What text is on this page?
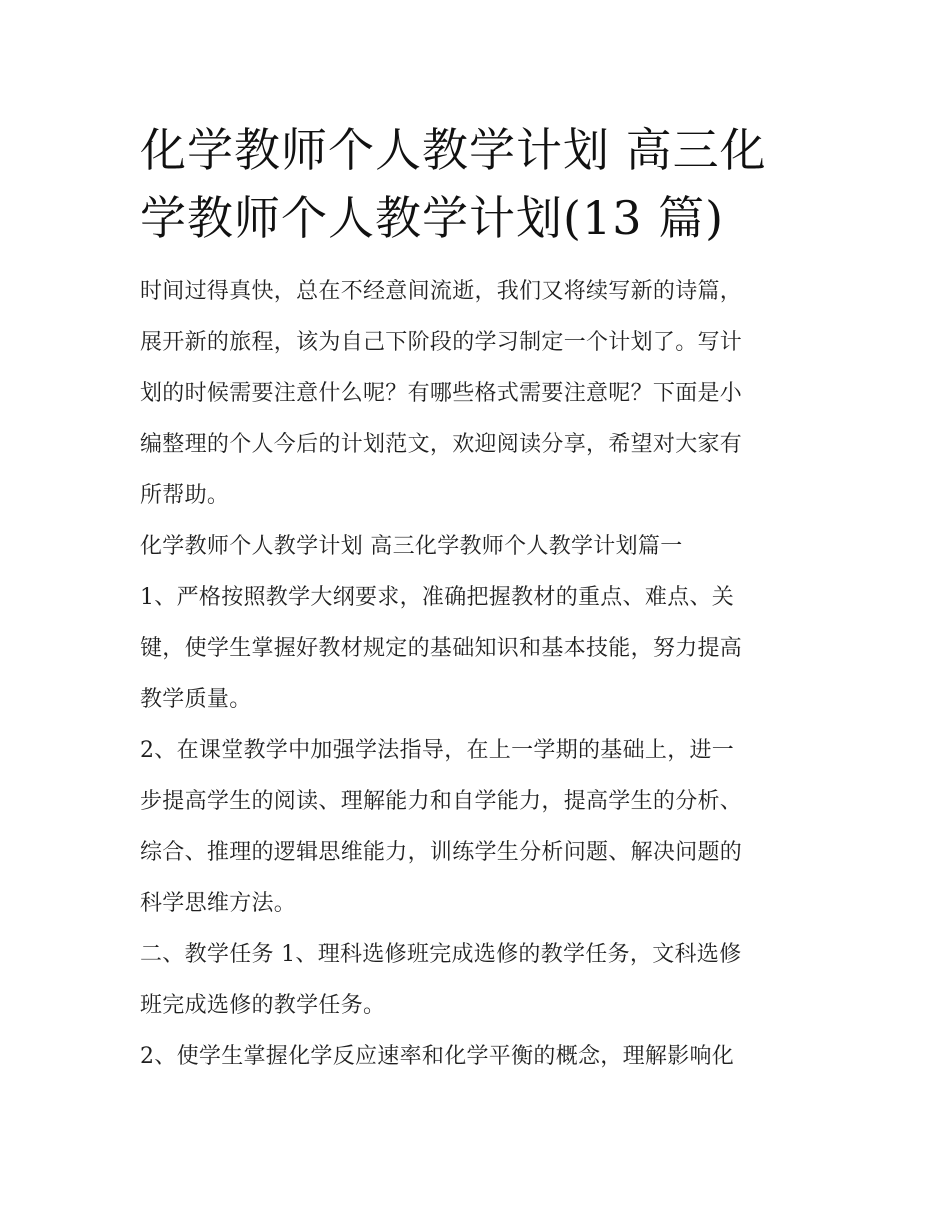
化学教师个人教学计划 高三化
学教师个人教学计划(13 篇)
时间过得真快，总在不经意间流逝，我们又将续写新的诗篇，
展开新的旅程，该为自己下阶段的学习制定一个计划了。写计
划的时候需要注意什么呢？有哪些格式需要注意呢？下面是小
编整理的个人今后的计划范文，欢迎阅读分享，希望对大家有
所帮助。
化学教师个人教学计划 高三化学教师个人教学计划篇一
1、严格按照教学大纲要求，准确把握教材的重点、难点、关
键，使学生掌握好教材规定的基础知识和基本技能，努力提高
教学质量。
2、在课堂教学中加强学法指导，在上一学期的基础上，进一
步提高学生的阅读、理解能力和自学能力，提高学生的分析、
综合、推理的逻辑思维能力，训练学生分析问题、解决问题的
科学思维方法。
二、教学任务 1、理科选修班完成选修的教学任务，文科选修
班完成选修的教学任务。
2、使学生掌握化学反应速率和化学平衡的概念，理解影响化
